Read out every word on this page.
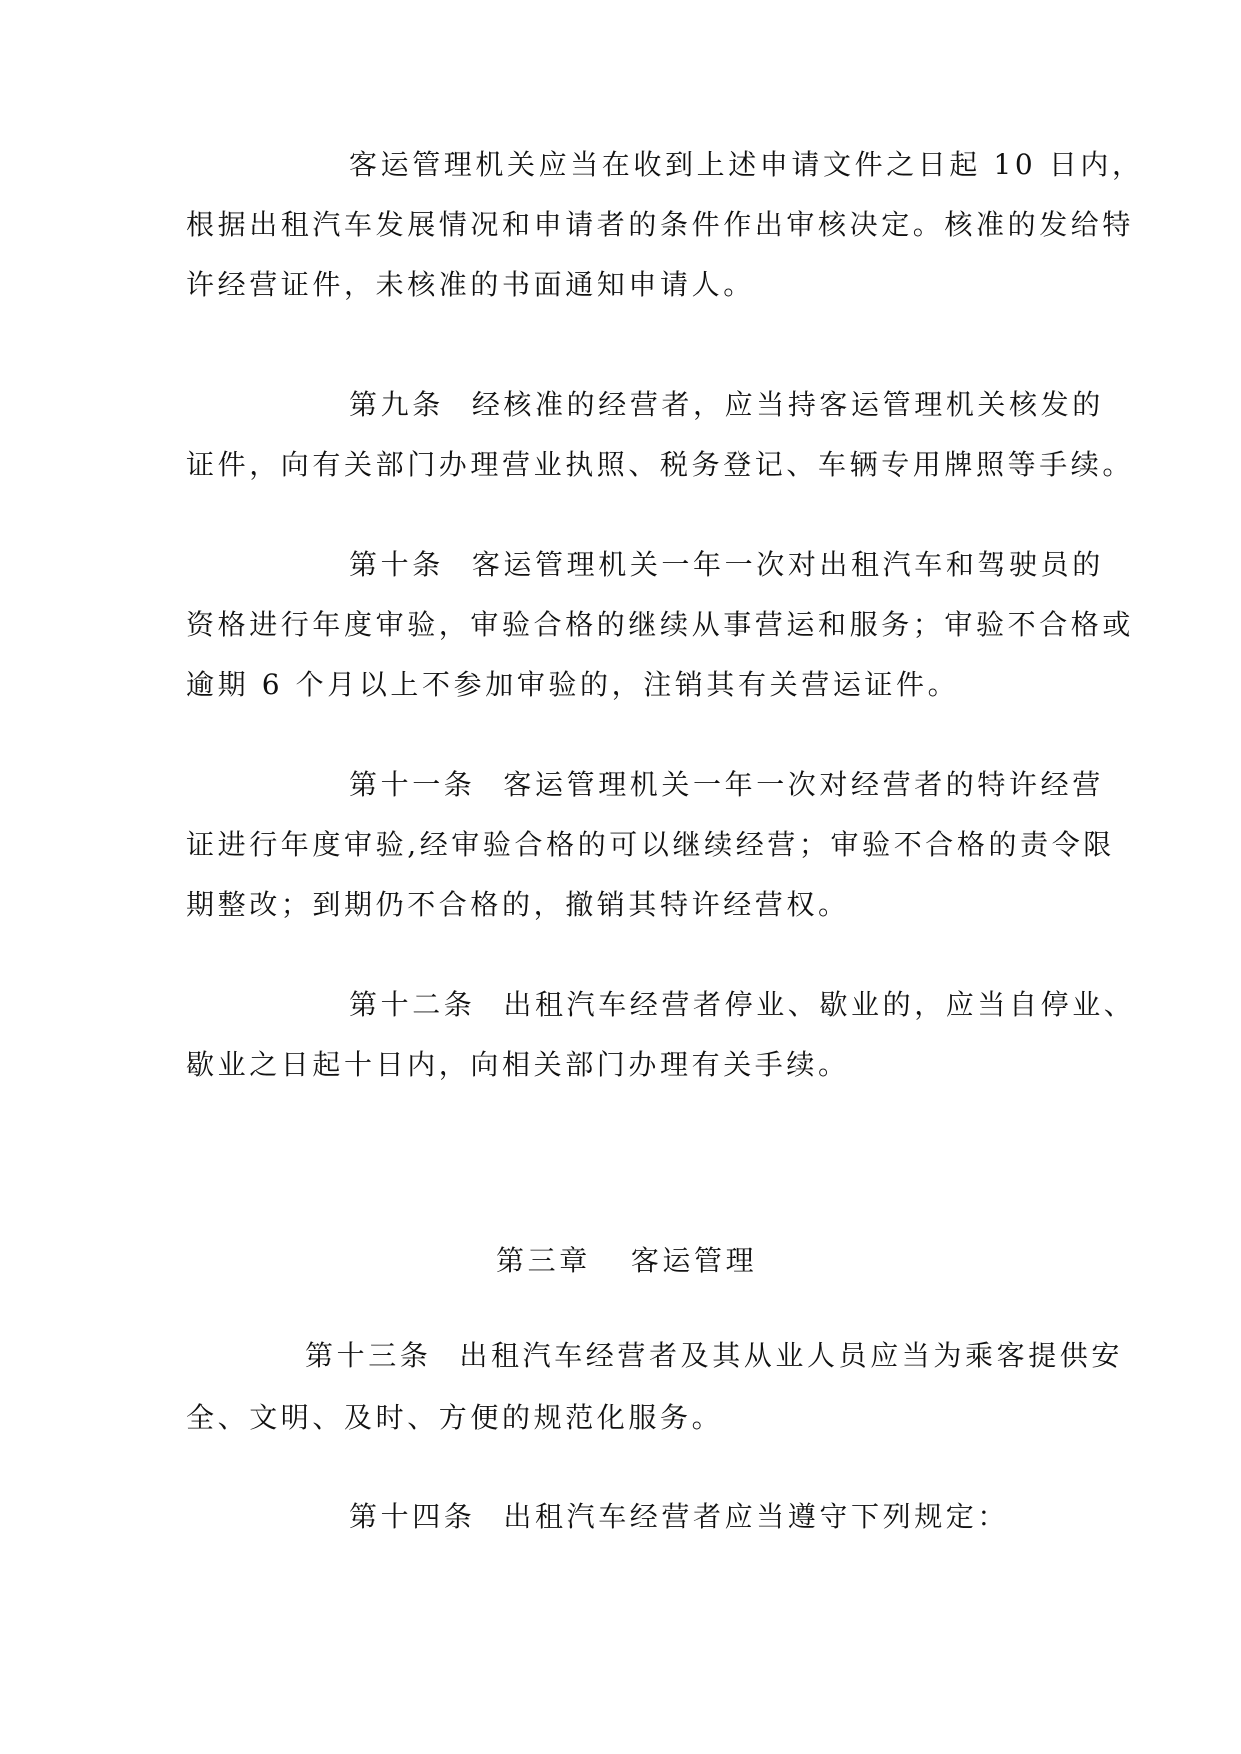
客运管理机关应当在收到上述申请文件之日起 10 日内，
根据出租汽车发展情况和申请者的条件作出审核决定。核准的发给特
许经营证件，未核准的书面通知申请人。
第九条 经核准的经营者，应当持客运管理机关核发的
证件，向有关部门办理营业执照、税务登记、车辆专用牌照等手续。
第十条 客运管理机关一年一次对出租汽车和驾驶员的
资格进行年度审验，审验合格的继续从事营运和服务；审验不合格或
逾期 6 个月以上不参加审验的，注销其有关营运证件。
第十一条 客运管理机关一年一次对经营者的特许经营
证进行年度审验,经审验合格的可以继续经营；审验不合格的责令限
期整改；到期仍不合格的，撤销其特许经营权。
第十二条 出租汽车经营者停业、歇业的，应当自停业、
歇业之日起十日内，向相关部门办理有关手续。
第三章 客运管理
第十三条 出租汽车经营者及其从业人员应当为乘客提供安
全、文明、及时、方便的规范化服务。
第十四条 出租汽车经营者应当遵守下列规定：
